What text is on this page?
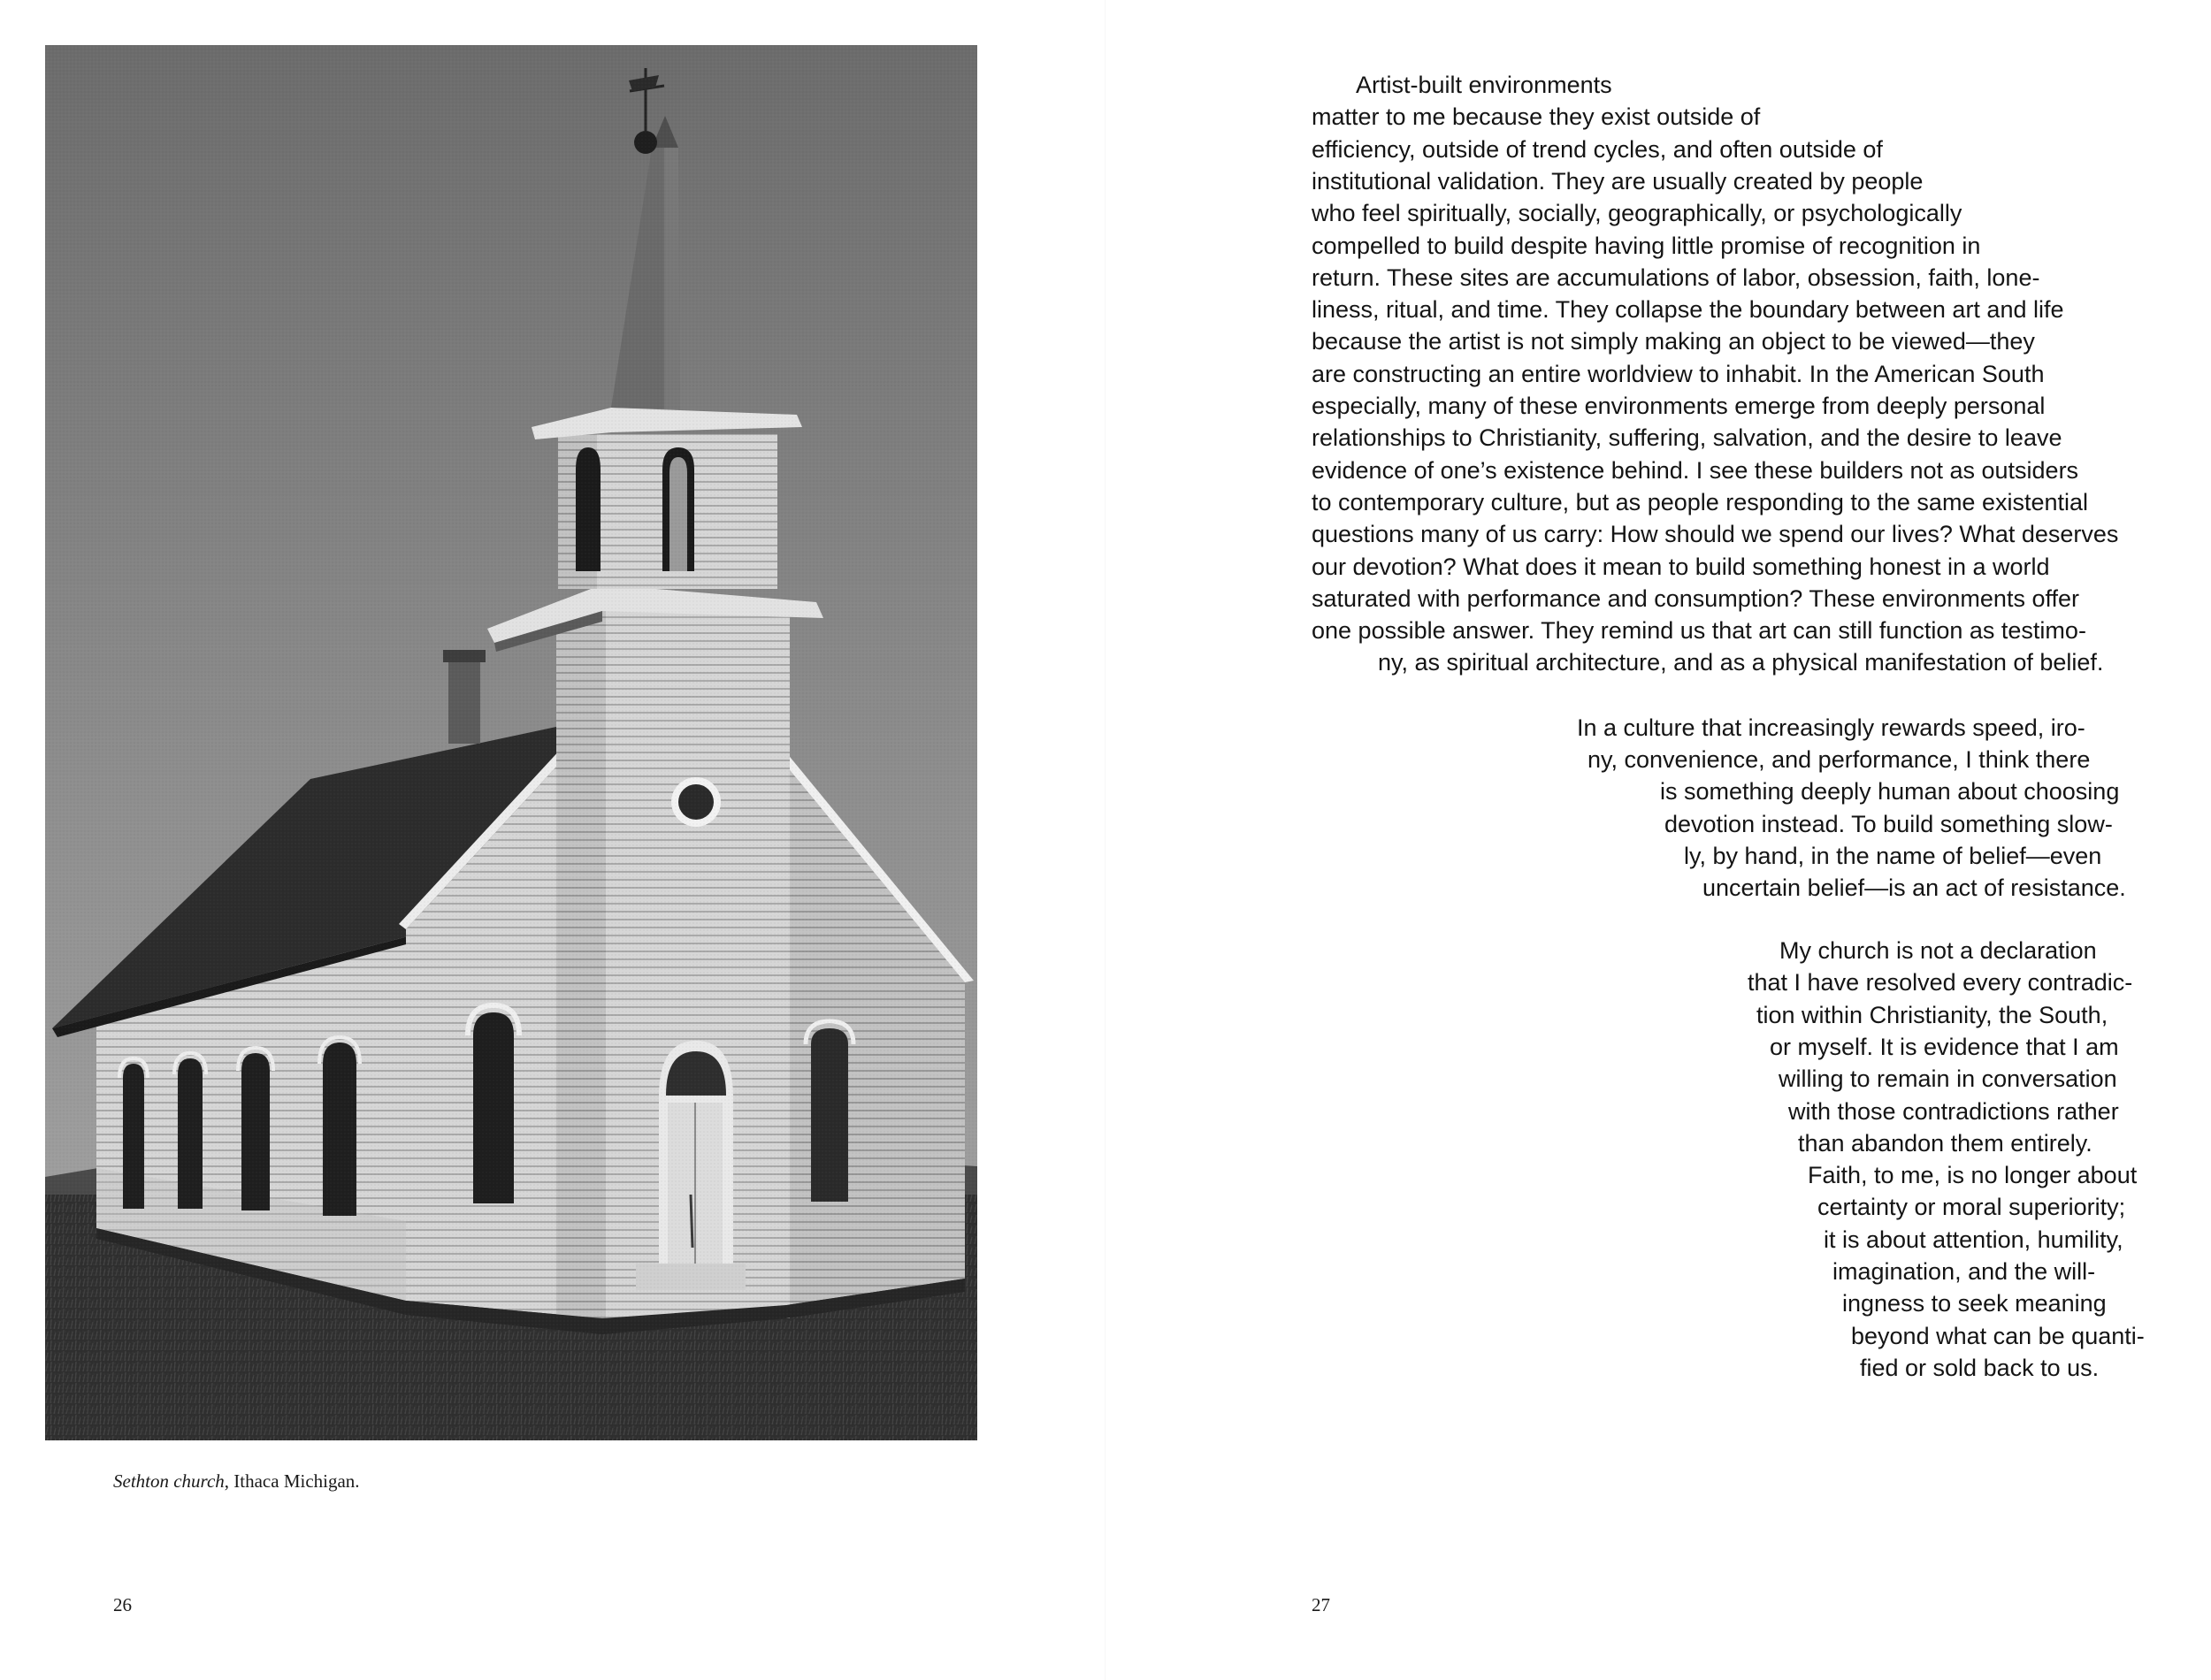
Sethton church, Ithaca Michigan.
26
Artist-built environments
matter to me because they exist outside of
efficiency, outside of trend cycles, and often outside of
institutional validation. They are usually created by people
who feel spiritually, socially, geographically, or psychologically
compelled to build despite having little promise of recognition in
return. These sites are accumulations of labor, obsession, faith, lone-
liness, ritual, and time. They collapse the boundary between art and life
because the artist is not simply making an object to be viewed—they
are constructing an entire worldview to inhabit. In the American South
especially, many of these environments emerge from deeply personal
relationships to Christianity, suffering, salvation, and the desire to leave
evidence of one’s existence behind. I see these builders not as outsiders
to contemporary culture, but as people responding to the same existential
questions many of us carry: How should we spend our lives? What deserves
our devotion? What does it mean to build something honest in a world
saturated with performance and consumption? These environments offer
one possible answer. They remind us that art can still function as testimo-
ny, as spiritual architecture, and as a physical manifestation of belief.
In a culture that increasingly rewards speed, iro-
ny, convenience, and performance, I think there
is something deeply human about choosing
devotion instead. To build something slow-
ly, by hand, in the name of belief—even
uncertain belief—is an act of resistance.
My church is not a declaration
that I have resolved every contradic-
tion within Christianity, the South,
or myself. It is evidence that I am
willing to remain in conversation
with those contradictions rather
than abandon them entirely.
Faith, to me, is no longer about
certainty or moral superiority;
it is about attention, humility,
imagination, and the will-
ingness to seek meaning
beyond what can be quanti-
fied or sold back to us.
27
